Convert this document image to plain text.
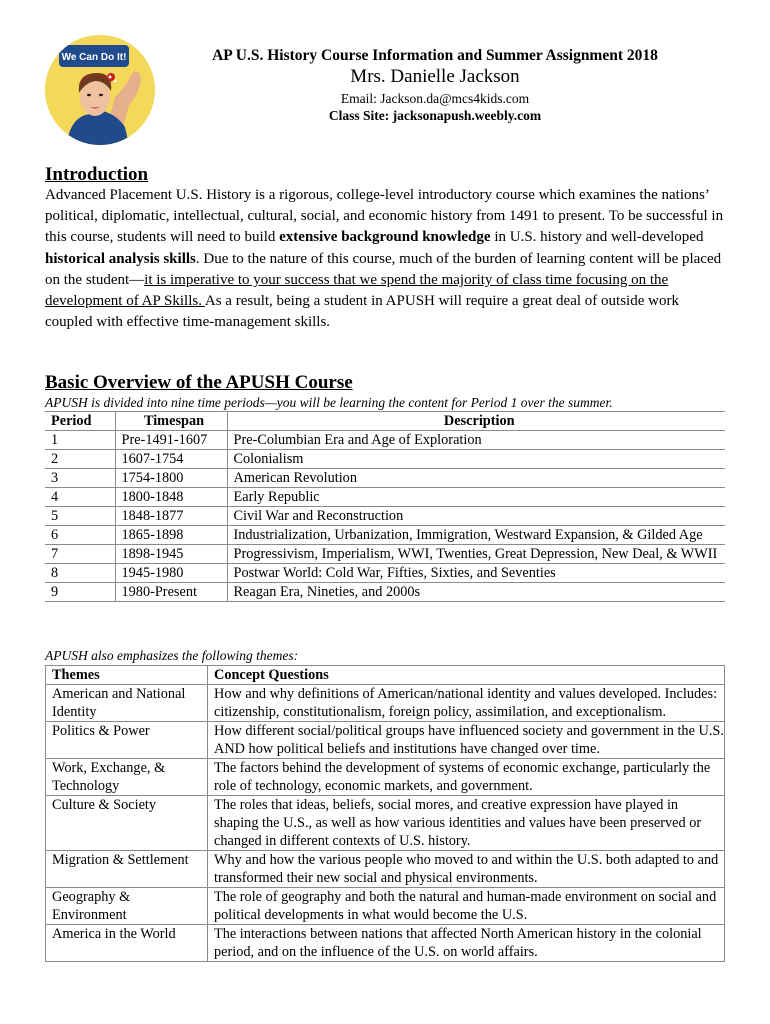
We Can Do It!	AP U.S. History Course Information and Summer Assignment 2018
Mrs. Danielle Jackson
Email: Jackson.da@mcs4kids.com
Class Site: jacksonapush.weebly.com
Introduction
Advanced Placement U.S. History is a rigorous, college-level introductory course which examines the nations’ political, diplomatic, intellectual, cultural, social, and economic history from 1491 to present. To be successful in this course, students will need to build extensive background knowledge in U.S. history and well-developed historical analysis skills. Due to the nature of this course, much of the burden of learning content will be placed on the student—it is imperative to your success that we spend the majority of class time focusing on the development of AP Skills. As a result, being a student in APUSH will require a great deal of outside work coupled with effective time-management skills.
Basic Overview of the APUSH Course
APUSH is divided into nine time periods—you will be learning the content for Period 1 over the summer.
Period	Timespan	Description
1	Pre-1491-1607	Pre-Columbian Era and Age of Exploration
2	1607-1754	Colonialism
3	1754-1800	American Revolution
4	1800-1848	Early Republic
5	1848-1877	Civil War and Reconstruction
6	1865-1898	Industrialization, Urbanization, Immigration, Westward Expansion, & Gilded Age
7	1898-1945	Progressivism, Imperialism, WWI, Twenties, Great Depression, New Deal, & WWII
8	1945-1980	Postwar World: Cold War, Fifties, Sixties, and Seventies
9	1980-Present	Reagan Era, Nineties, and 2000s
APUSH also emphasizes the following themes:
Themes	Concept Questions
American and National Identity	How and why definitions of American/national identity and values developed. Includes: citizenship, constitutionalism, foreign policy, assimilation, and exceptionalism.
Politics & Power	How different social/political groups have influenced society and government in the U.S. AND how political beliefs and institutions have changed over time.
Work, Exchange, & Technology	The factors behind the development of systems of economic exchange, particularly the role of technology, economic markets, and government.
Culture & Society	The roles that ideas, beliefs, social mores, and creative expression have played in shaping the U.S., as well as how various identities and values have been preserved or changed in different contexts of U.S. history.
Migration & Settlement	Why and how the various people who moved to and within the U.S. both adapted to and transformed their new social and physical environments.
Geography & Environment	The role of geography and both the natural and human-made environment on social and political developments in what would become the U.S.
America in the World	The interactions between nations that affected North American history in the colonial period, and on the influence of the U.S. on world affairs.
